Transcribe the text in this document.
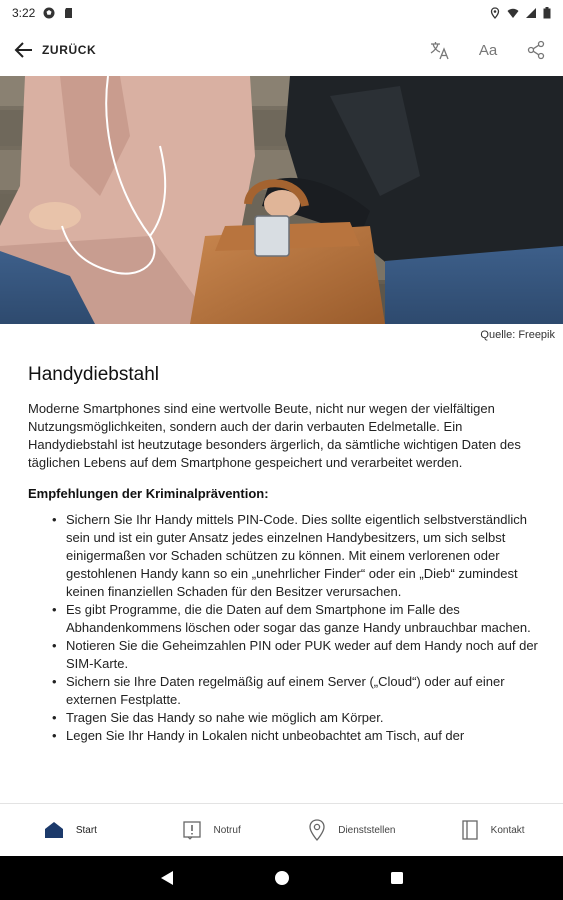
3:22
ZURÜCK	Aa
Quelle: Freepik
Handydiebstahl

Moderne Smartphones sind eine wertvolle Beute, nicht nur wegen der vielfältigen Nutzungsmöglichkeiten, sondern auch der darin verbauten Edelmetalle. Ein Handydiebstahl ist heutzutage besonders ärgerlich, da sämtliche wichtigen Daten des täglichen Lebens auf dem Smartphone gespeichert und verarbeitet werden.

Empfehlungen der Kriminalprävention:
• Sichern Sie Ihr Handy mittels PIN-Code. Dies sollte eigentlich selbstverständlich sein und ist ein guter Ansatz jedes einzelnen Handybesitzers, um sich selbst einigermaßen vor Schaden schützen zu können. Mit einem verlorenen oder gestohlenen Handy kann so ein „unehrlicher Finder“ oder ein „Dieb“ zumindest keinen finanziellen Schaden für den Besitzer verursachen.
• Es gibt Programme, die die Daten auf dem Smartphone im Falle des Abhandenkommens löschen oder sogar das ganze Handy unbrauchbar machen.
• Notieren Sie die Geheimzahlen PIN oder PUK weder auf dem Handy noch auf der SIM-Karte.
• Sichern sie Ihre Daten regelmäßig auf einem Server („Cloud“) oder auf einer externen Festplatte.
• Tragen Sie das Handy so nahe wie möglich am Körper.
• Legen Sie Ihr Handy in Lokalen nicht unbeobachtet am Tisch, auf der
Start	Notruf	Dienststellen	Kontakt
